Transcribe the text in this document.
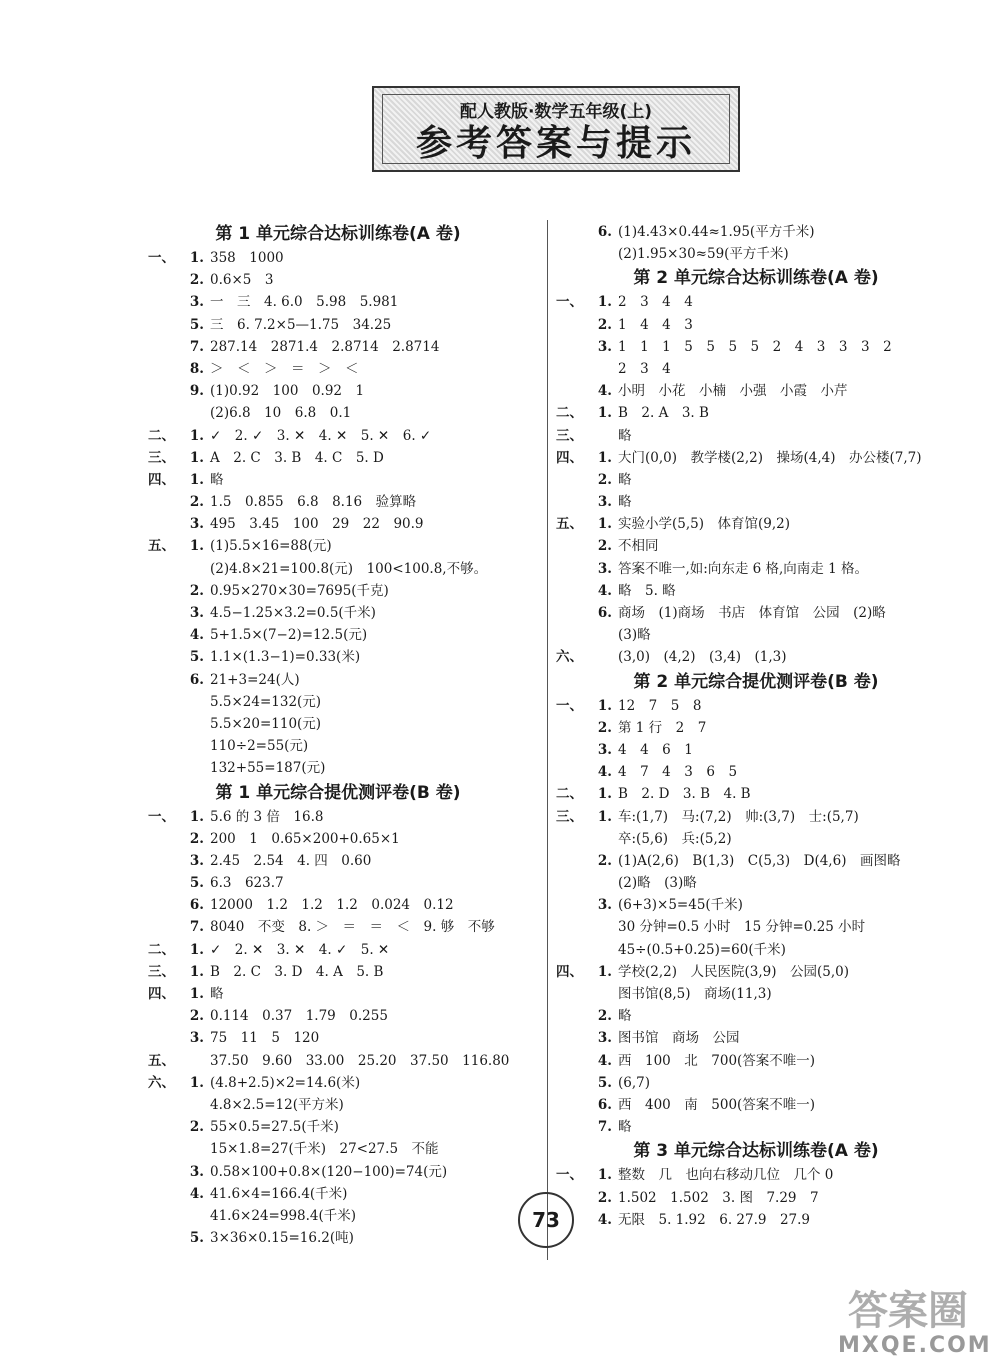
配人教版·数学五年级(上)
参考答案与提示
第 1 单元综合达标训练卷(A 卷)
一、 1. 358　1000
2. 0.6×5　3
3. 一　三　4. 6.0　5.98　5.981
5. 三　6. 7.2×5—1.75　34.25
7. 287.14　2871.4　2.8714　2.8714
8. ＞　＜　＞　＝　＞　＜
9. (1)0.92　100　0.92　1
(2)6.8　10　6.8　0.1
二、 1. ✓　2. ✓　3. ✕　4. ✕　5. ✕　6. ✓
三、 1. A　2. C　3. B　4. C　5. D
四、 1. 略
2. 1.5　0.855　6.8　8.16　验算略
3. 495　3.45　100　29　22　90.9
五、 1. (1)5.5×16=88(元)
(2)4.8×21=100.8(元)　100<100.8,不够。
2. 0.95×270×30=7695(千克)
3. 4.5−1.25×3.2=0.5(千米)
4. 5+1.5×(7−2)=12.5(元)
5. 1.1×(1.3−1)=0.33(米)
6. 21+3=24(人)
5.5×24=132(元)
5.5×20=110(元)
110÷2=55(元)
132+55=187(元)
第 1 单元综合提优测评卷(B 卷)
一、 1. 5.6 的 3 倍　16.8
2. 200　1　0.65×200+0.65×1
3. 2.45　2.54　4. 四　0.60
5. 6.3　623.7
6. 12000　1.2　1.2　1.2　0.024　0.12
7. 8040　不变　8. ＞　＝　＝　＜　9. 够　不够
二、 1. ✓　2. ✕　3. ✕　4. ✓　5. ✕
三、 1. B　2. C　3. D　4. A　5. B
四、 1. 略
2. 0.114　0.37　1.79　0.255
3. 75　11　5　120
五、	37.50　9.60　33.00　25.20　37.50　116.80
六、 1. (4.8+2.5)×2=14.6(米)
4.8×2.5=12(平方米)
2. 55×0.5=27.5(千米)
15×1.8=27(千米)　27<27.5　不能
3. 0.58×100+0.8×(120−100)=74(元)
4. 41.6×4=166.4(千米)
41.6×24=998.4(千米)
5. 3×36×0.15=16.2(吨)
6. (1)4.43×0.44≈1.95(平方千米)
(2)1.95×30≈59(平方千米)
第 2 单元综合达标训练卷(A 卷)
一、 1. 2　3　4　4
2. 1　4　4　3
3. 1　1　1　5　5　5　5　2　4　3　3　3　2
2　3　4
4. 小明　小花　小楠　小强　小霞　小芹
二、 1. B　2. A　3. B
三、	略
四、 1. 大门(0,0)　教学楼(2,2)　操场(4,4)　办公楼(7,7)
2. 略
3. 略
五、 1. 实验小学(5,5)　体育馆(9,2)
2. 不相同
3. 答案不唯一,如:向东走 6 格,向南走 1 格。
4. 略　5. 略
6. 商场　(1)商场　书店　体育馆　公园　(2)略
(3)略
六、	(3,0)　(4,2)　(3,4)　(1,3)
第 2 单元综合提优测评卷(B 卷)
一、 1. 12　7　5　8
2. 第 1 行　2　7
3. 4　4　6　1
4. 4　7　4　3　6　5
二、 1. B　2. D　3. B　4. B
三、 1. 车:(1,7)　马:(7,2)　帅:(3,7)　士:(5,7)
卒:(5,6)　兵:(5,2)
2. (1)A(2,6)　B(1,3)　C(5,3)　D(4,6)　画图略
(2)略　(3)略
3. (6+3)×5=45(千米)
30 分钟=0.5 小时　15 分钟=0.25 小时
45÷(0.5+0.25)=60(千米)
四、 1. 学校(2,2)　人民医院(3,9)　公园(5,0)
图书馆(8,5)　商场(11,3)
2. 略
3. 图书馆　商场　公园
4. 西　100　北　700(答案不唯一)
5. (6,7)
6. 西　400　南　500(答案不唯一)
7. 略
第 3 单元综合达标训练卷(A 卷)
一、 1. 整数　几　也向右移动几位　几个 0
2. 1.502　1.502　3. 图　7.29　7
4. 无限　5. 1.92　6. 27.9　27.9
73
答案圈
MXQE.COM
